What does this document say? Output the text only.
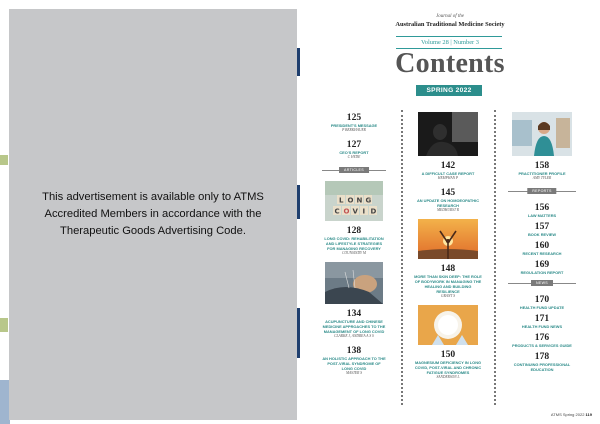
This advertisement is available only to ATMS Accredited Members in accordance with the Therapeutic Goods Advertising Code.

Journal of the
Australian Traditional Medicine Society
Volume 28 | Number 3
Contents
SPRING 2022
125
PRESIDENT'S MESSAGE
P BERKHAUER
127
CEO'S REPORT
C HYDE
ARTICLES
L O N G
C O V I D
128
LONG COVID: REHABILITATION AND LIFESTYLE STRATEGIES FOR MANAGING RECOVERY
COUNSINDY M
134
ACUPUNCTURE AND CHINESE MEDICINE APPROACHES TO THE MANAGEMENT OF LONG COVID
CLARKE J, ANDREA A S S
138
AN HOLISTIC APPROACH TO THE POST-VIRAL SYNDROME OF LONG COVID
MASTER S
142
A DIFFICULT CASE REPORT
HEMPHAN P
145
AN UPDATE ON HOMOEOPATHIC RESEARCH
MEDHURST R
148
MORE THAN SKIN DEEP: THE ROLE OF BODYWORK IN MANAGING THE HEALING AND BUILDING RESILIENCE
GRANT S
150
MAGNESIUM DEFICIENCY IN LONG COVID, POST-VIRAL AND CHRONIC FATIGUE SYNDROMES
SANDERSON L
158
PRACTITIONER PROFILE
AMY TYLER
REPORTS
156
LAW MATTERS
157
BOOK REVIEW
160
RECENT RESEARCH
169
REGULATION REPORT
NEWS
170
HEALTH FUND UPDATE
171
HEALTH FUND NEWS
176
PRODUCTS & SERVICES GUIDE
178
CONTINUING PROFESSIONAL EDUCATION
ATMS Spring 2022 119
